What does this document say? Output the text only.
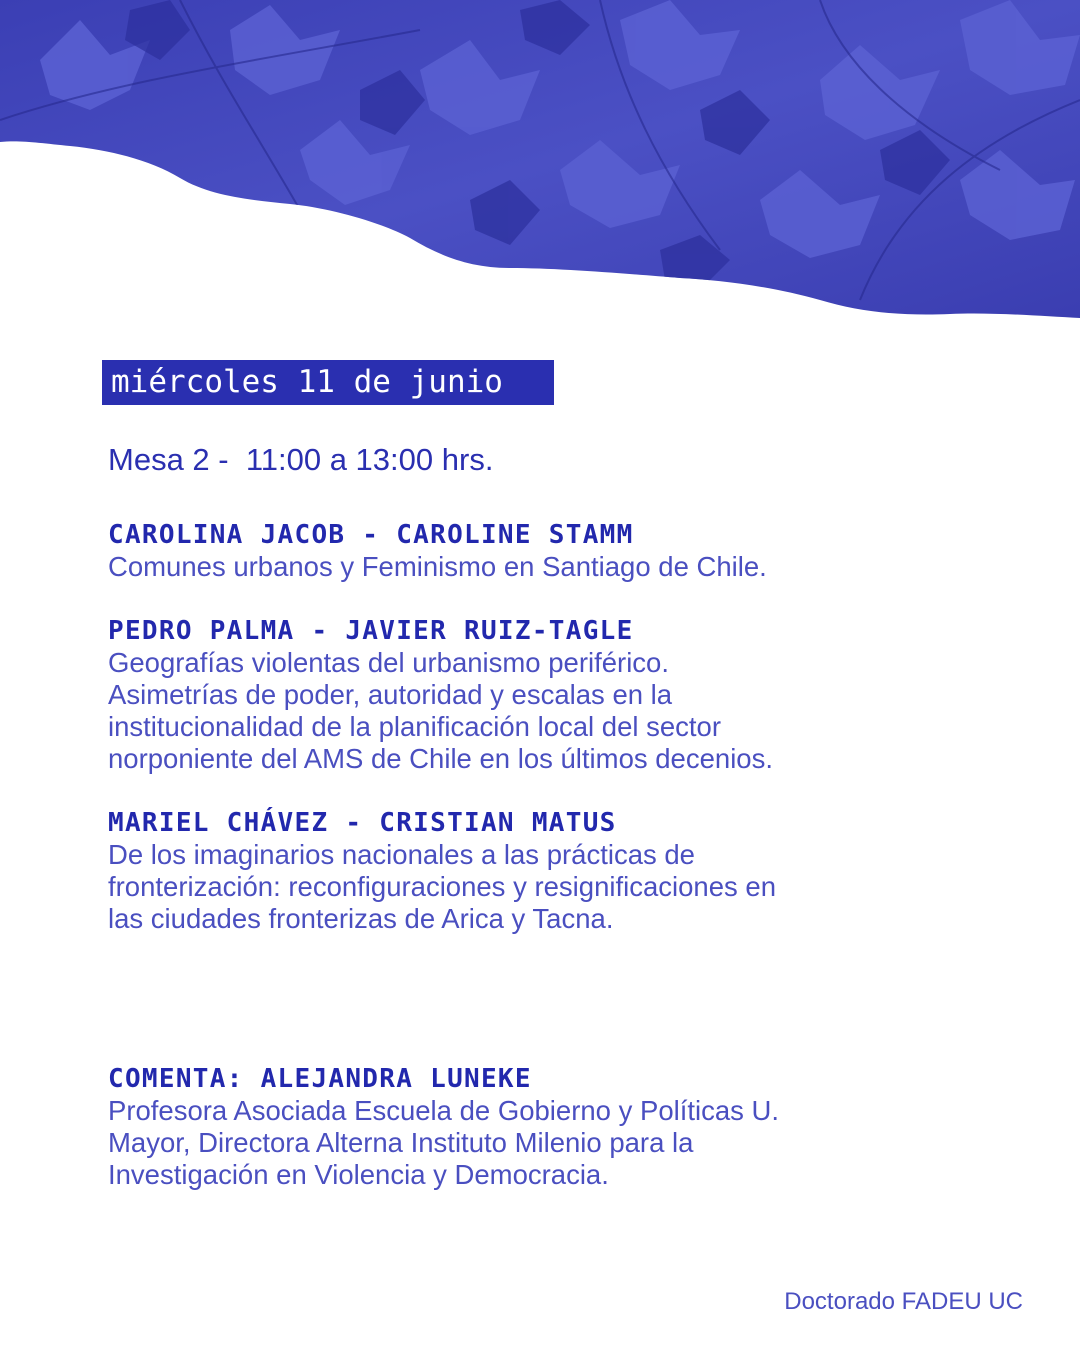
miércoles 11 de junio
Mesa 2 -  11:00 a 13:00 hrs.
CAROLINA JACOB - CAROLINE STAMM
Comunes urbanos y Feminismo en Santiago de Chile.
PEDRO PALMA - JAVIER RUIZ-TAGLE
Geografías violentas del urbanismo periférico.
Asimetrías de poder, autoridad y escalas en la
institucionalidad de la planificación local del sector
norponiente del AMS de Chile en los últimos decenios.
MARIEL CHÁVEZ - CRISTIAN MATUS
De los imaginarios nacionales a las prácticas de
fronterización: reconfiguraciones y resignificaciones en
las ciudades fronterizas de Arica y Tacna.
COMENTA: ALEJANDRA LUNEKE
Profesora Asociada Escuela de Gobierno y Políticas U.
Mayor, Directora Alterna Instituto Milenio para la
Investigación en Violencia y Democracia.
Doctorado FADEU UC
